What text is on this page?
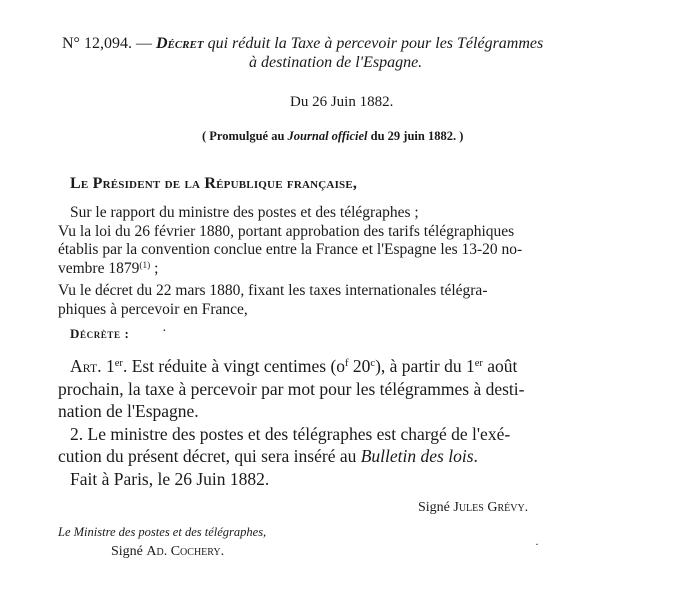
N° 12,094. — Décret qui réduit la Taxe à percevoir pour les Télégrammes
à destination de l'Espagne.
Du 26 Juin 1882.
( Promulgué au Journal officiel du 29 juin 1882. )
Le Président de la République française,
Sur le rapport du ministre des postes et des télégraphes ;
Vu la loi du 26 février 1880, portant approbation des tarifs télégraphiques
établis par la convention conclue entre la France et l'Espagne les 13-20 no-
vembre 1879$^{(1)}$ ;
Vu le décret du 22 mars 1880, fixant les taxes internationales télégra-
phiques à percevoir en France,
Décrète : ·
Art. 1er. Est réduite à vingt centimes ($o^f$ 20$^c$), à partir du 1er août
prochain, la taxe à percevoir par mot pour les télégrammes à desti-
nation de l'Espagne.
2. Le ministre des postes et des télégraphes est chargé de l'exé-
cution du présent décret, qui sera inséré au Bulletin des lois.
Fait à Paris, le 26 Juin 1882.
Signé Jules Grévy.
Le Ministre des postes et des télégraphes,
Signé Ad. Cochery.	·
